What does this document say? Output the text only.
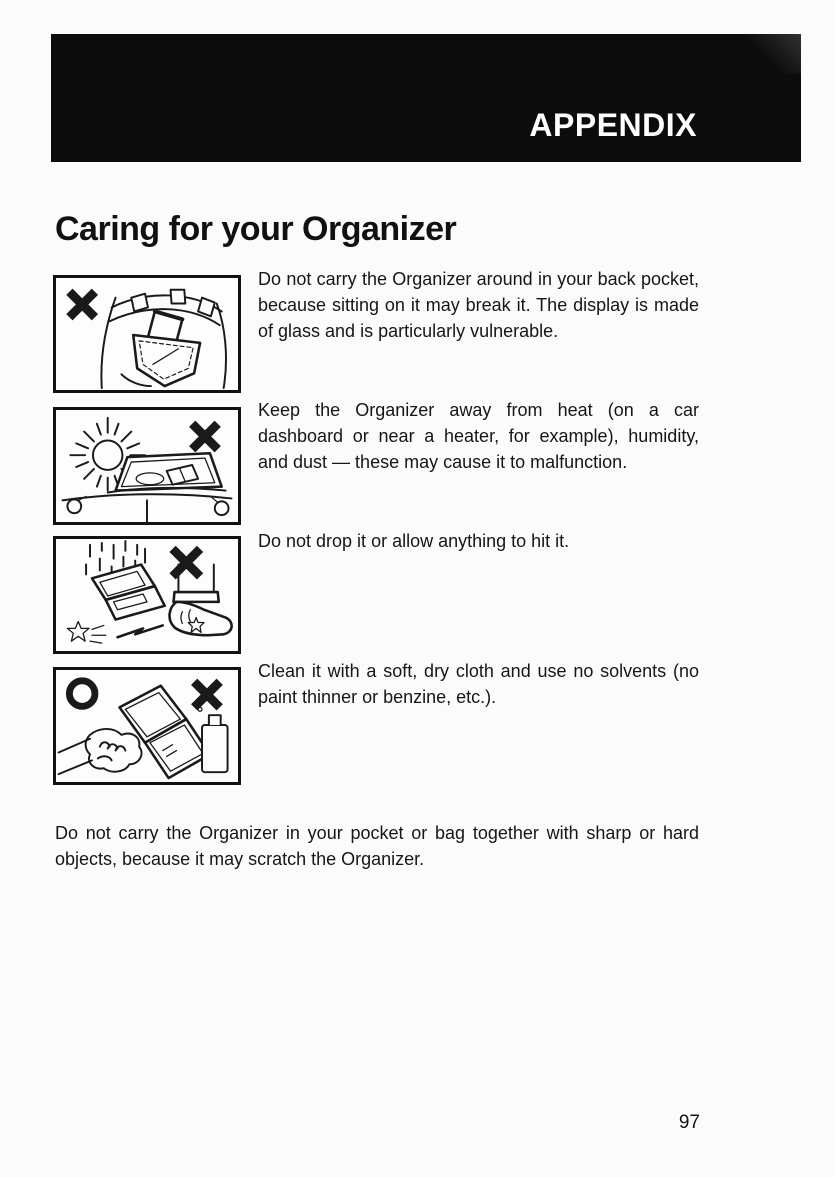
APPENDIX
Caring for your Organizer

Do not carry the Organizer around in your back pocket, because sitting on it may break it. The display is made of glass and is particularly vulnerable.

Keep the Organizer away from heat (on a car dashboard or near a heater, for example), humidity, and dust — these may cause it to malfunction.

Do not drop it or allow anything to hit it.

Clean it with a soft, dry cloth and use no solvents (no paint thinner or benzine, etc.).

Do not carry the Organizer in your pocket or bag together with sharp or hard objects, because it may scratch the Organizer.

97
